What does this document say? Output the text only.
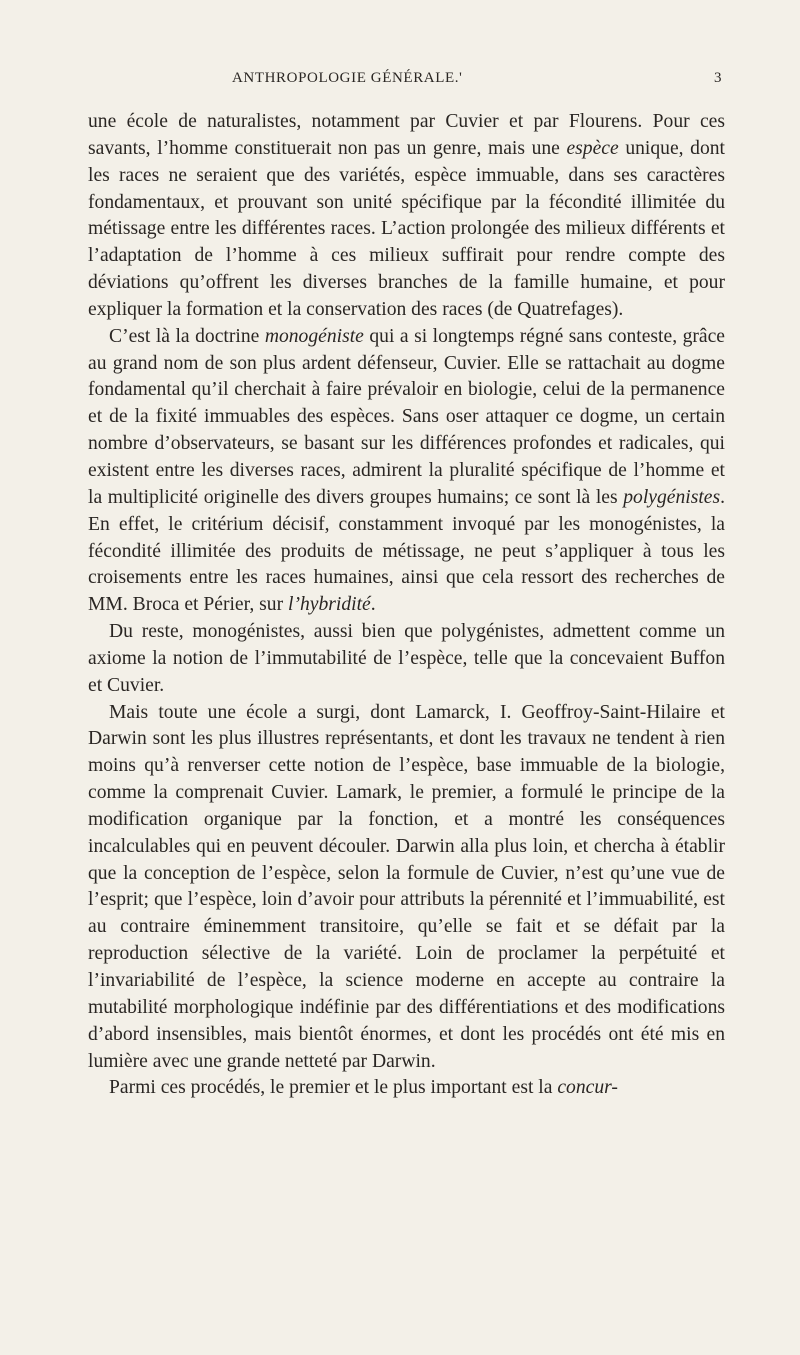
ANTHROPOLOGIE GÉNÉRALE.'	3

une école de naturalistes, notamment par Cuvier et par Flourens. Pour ces savants, l’homme constituerait non pas un genre, mais une espèce unique, dont les races ne seraient que des variétés, espèce immuable, dans ses caractères fondamentaux, et prouvant son unité spécifique par la fécondité illimitée du métissage entre les différentes races. L’action prolongée des milieux différents et l’adaptation de l’homme à ces milieux suffirait pour rendre compte des déviations qu’offrent les diverses branches de la famille humaine, et pour expliquer la formation et la conservation des races (de Quatrefages).

C’est là la doctrine monogéniste qui a si longtemps régné sans conteste, grâce au grand nom de son plus ardent défenseur, Cuvier. Elle se rattachait au dogme fondamental qu’il cherchait à faire prévaloir en biologie, celui de la permanence et de la fixité immuables des espèces. Sans oser attaquer ce dogme, un certain nombre d’observateurs, se basant sur les différences profondes et radicales, qui existent entre les diverses races, admirent la pluralité spécifique de l’homme et la multiplicité originelle des divers groupes humains; ce sont là les polygénistes. En effet, le critérium décisif, constamment invoqué par les monogénistes, la fécondité illimitée des produits de métissage, ne peut s’appliquer à tous les croisements entre les races humaines, ainsi que cela ressort des recherches de MM. Broca et Périer, sur l’hybridité.

Du reste, monogénistes, aussi bien que polygénistes, admettent comme un axiome la notion de l’immutabilité de l’espèce, telle que la concevaient Buffon et Cuvier.

Mais toute une école a surgi, dont Lamarck, I. Geoffroy-Saint-Hilaire et Darwin sont les plus illustres représentants, et dont les travaux ne tendent à rien moins qu’à renverser cette notion de l’espèce, base immuable de la biologie, comme la comprenait Cuvier. Lamark, le premier, a formulé le principe de la modification organique par la fonction, et a montré les conséquences incalculables qui en peuvent découler. Darwin alla plus loin, et chercha à établir que la conception de l’espèce, selon la formule de Cuvier, n’est qu’une vue de l’esprit; que l’espèce, loin d’avoir pour attributs la pérennité et l’immuabilité, est au contraire éminemment transitoire, qu’elle se fait et se défait par la reproduction sélective de la variété. Loin de proclamer la perpétuité et l’invariabilité de l’espèce, la science moderne en accepte au contraire la mutabilité morphologique indéfinie par des différentiations et des modifications d’abord insensibles, mais bientôt énormes, et dont les procédés ont été mis en lumière avec une grande netteté par Darwin.

Parmi ces procédés, le premier et le plus important est la concur-
